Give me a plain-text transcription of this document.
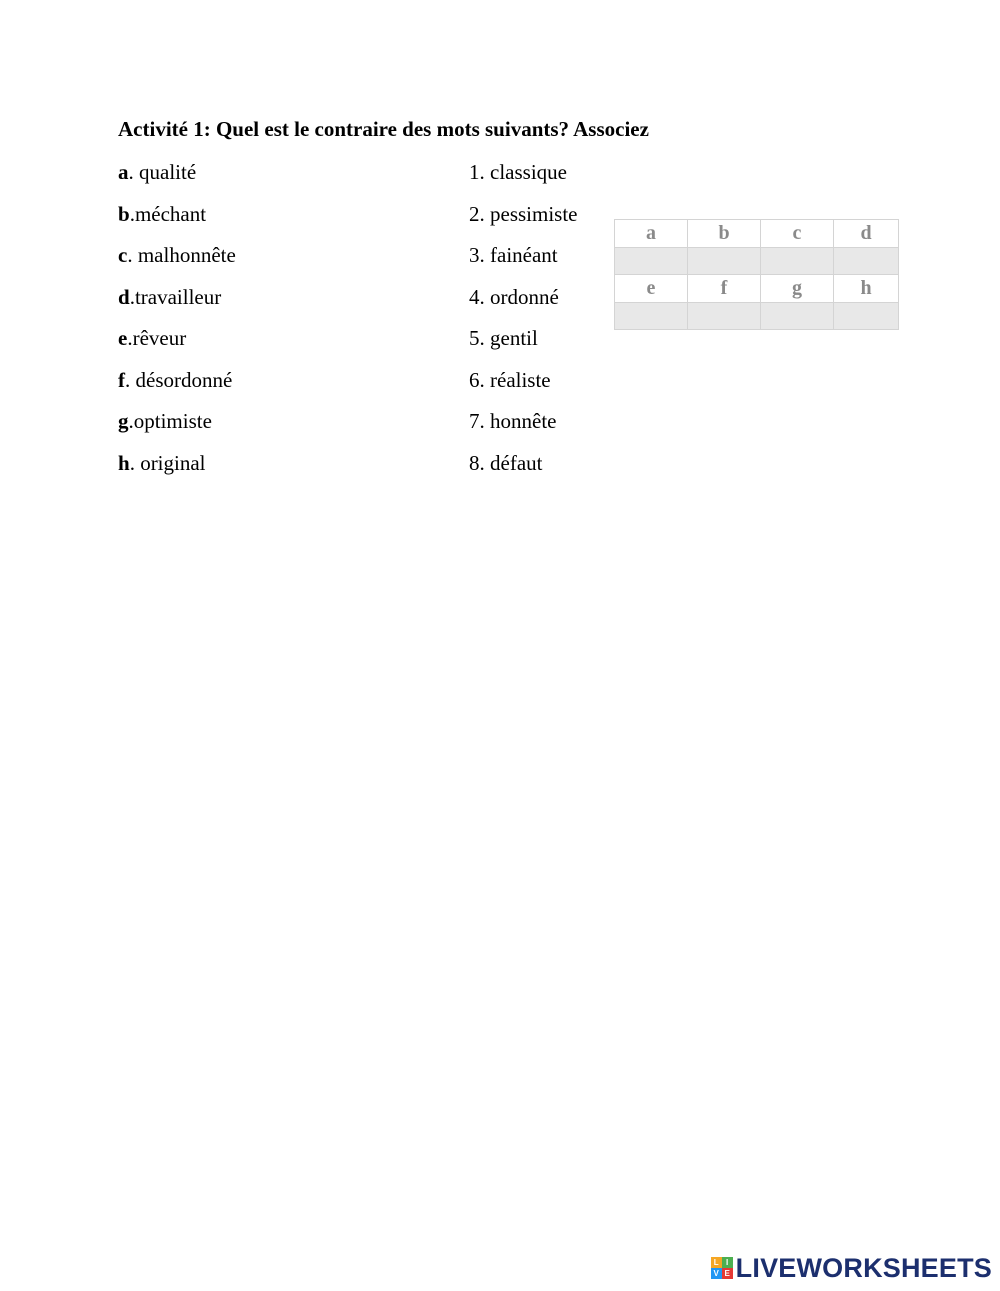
Activité 1: Quel est le contraire des mots suivants? Associez
a. qualité
b.méchant
c. malhonnête
d.travailleur
e.rêveur
f. désordonné
g.optimiste
h. original
1. classique
2. pessimiste
3. fainéant
4. ordonné
5. gentil
6. réaliste
7. honnête
8. défaut
a	b	c	d

e	f	g	h

L I
V E LIVEWORKSHEETS
